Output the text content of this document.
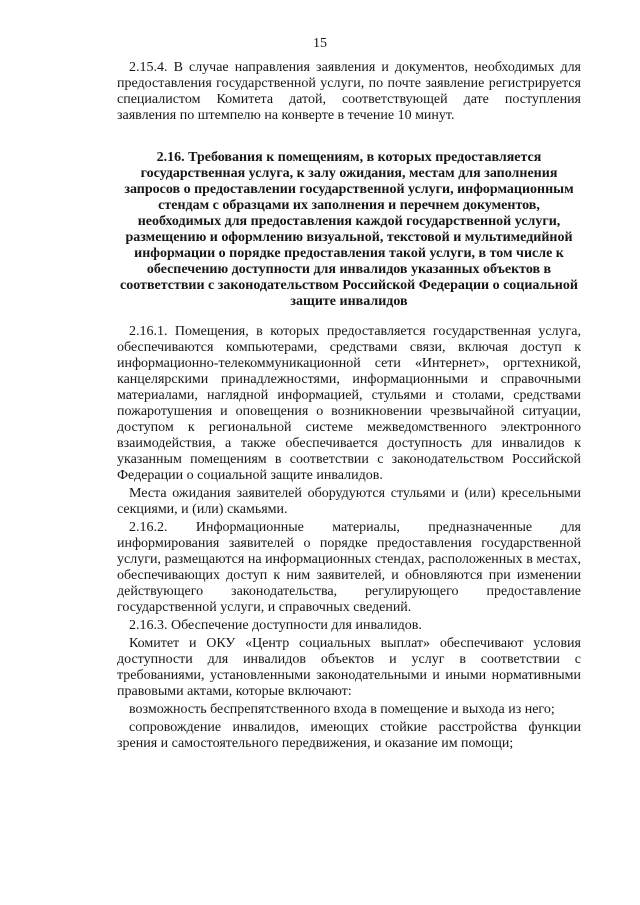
15

2.15.4. В случае направления заявления и документов, необходимых для предоставления государственной услуги, по почте заявление регистрируется специалистом Комитета датой, соответствующей дате поступления заявления по штемпелю на конверте в течение 10 минут.

2.16. Требования к помещениям, в которых предоставляется государственная услуга, к залу ожидания, местам для заполнения запросов о предоставлении государственной услуги, информационным стендам с образцами их заполнения и перечнем документов, необходимых для предоставления каждой государственной услуги, размещению и оформлению визуальной, текстовой и мультимедийной информации о порядке предоставления такой услуги, в том числе к обеспечению доступности для инвалидов указанных объектов в соответствии с законодательством Российской Федерации о социальной защите инвалидов

2.16.1. Помещения, в которых предоставляется государственная услуга, обеспечиваются компьютерами, средствами связи, включая доступ к информационно-телекоммуникационной сети «Интернет», оргтехникой, канцелярскими принадлежностями, информационными и справочными материалами, наглядной информацией, стульями и столами, средствами пожаротушения и оповещения о возникновении чрезвычайной ситуации, доступом к региональной системе межведомственного электронного взаимодействия, а также обеспечивается доступность для инвалидов к указанным помещениям в соответствии с законодательством Российской Федерации о социальной защите инвалидов.

Места ожидания заявителей оборудуются стульями и (или) кресельными секциями, и (или) скамьями.

2.16.2. Информационные материалы, предназначенные для информирования заявителей о порядке предоставления государственной услуги, размещаются на информационных стендах, расположенных в местах, обеспечивающих доступ к ним заявителей, и обновляются при изменении действующего законодательства, регулирующего предоставление государственной услуги, и справочных сведений.

2.16.3. Обеспечение доступности для инвалидов.

Комитет и ОКУ «Центр социальных выплат» обеспечивают условия доступности для инвалидов объектов и услуг в соответствии с требованиями, установленными законодательными и иными нормативными правовыми актами, которые включают:

возможность беспрепятственного входа в помещение и выхода из него;

сопровождение инвалидов, имеющих стойкие расстройства функции зрения и самостоятельного передвижения, и оказание им помощи;
